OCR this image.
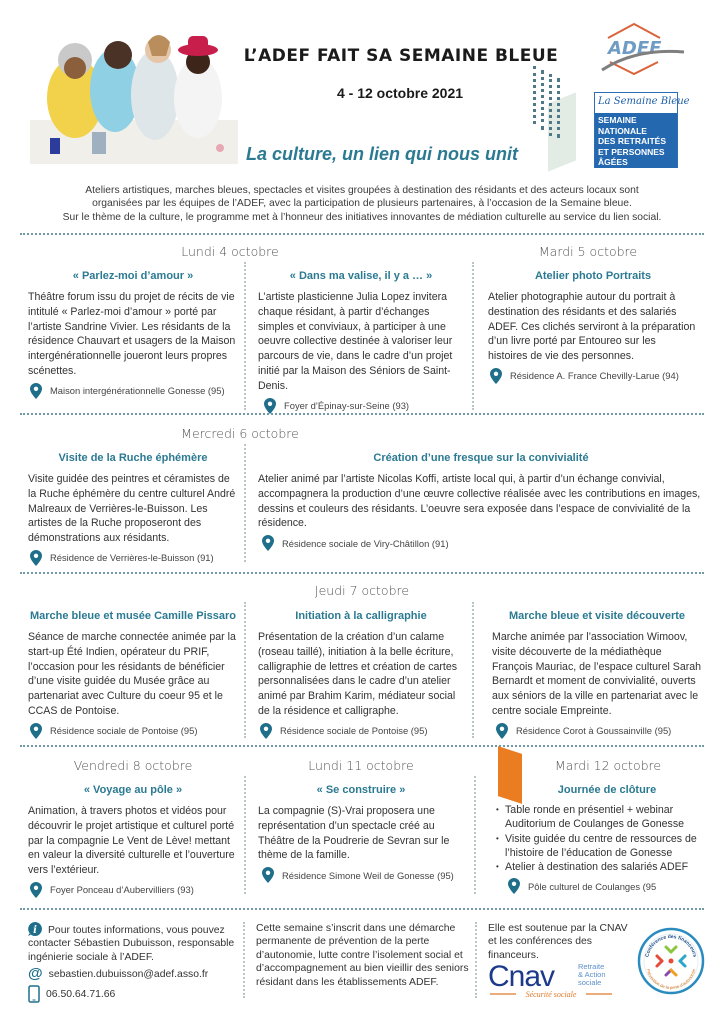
L’ADEF FAIT SA SEMAINE BLEUE
4 - 12 octobre 2021
La culture, un lien qui nous unit
ADEF
La Semaine Bleue
SEMAINE
NATIONALE
DES RETRAITÉS
ET PERSONNES
ÂGÉES
Ateliers artistiques, marches bleues, spectacles et visites groupées à destination des résidants et des acteurs locaux sont
organisées par les équipes de l’ADEF, avec la participation de plusieurs partenaires, à l’occasion de la Semaine bleue.
Sur le thème de la culture, le programme met à l’honneur des initiatives innovantes de médiation culturelle au service du lien social.
Lundi 4 octobre	Mardi 5 octobre
« Parlez-moi d’amour »
Théâtre forum issu du projet de récits de vie intitulé « Parlez-moi d’amour » porté par l’artiste Sandrine Vivier. Les résidants de la résidence Chauvart et usagers de la Maison intergénérationnelle joueront leurs propres scénettes.
Maison intergénérationnelle Gonesse (95)
« Dans ma valise, il y a … »
L’artiste plasticienne Julia Lopez invitera chaque résidant, à partir d’échanges simples et conviviaux, à participer à une oeuvre collective destinée à valoriser leur parcours de vie, dans le cadre d’un projet initié par la Maison des Séniors de Saint-Denis.
Foyer d’Épinay-sur-Seine (93)
Atelier photo Portraits
Atelier photographie autour du portrait à destination des résidants et des salariés ADEF. Ces clichés serviront à la préparation d’un livre porté par Entoureo sur les histoires de vie des personnes.
Résidence A. France Chevilly-Larue (94)
Mercredi 6 octobre
Visite de la Ruche éphémère
Visite guidée des peintres et céramistes de la Ruche éphémère du centre culturel André Malreaux de Verrières-le-Buisson. Les artistes de la Ruche proposeront des démonstrations aux résidants.
Résidence de Verrières-le-Buisson (91)
Création d’une fresque sur la convivialité
Atelier animé par l’artiste Nicolas Koffi, artiste local qui, à partir d’un échange convivial, accompagnera la production d’une œuvre collective réalisée avec les contributions en images, dessins et couleurs des résidants. L’oeuvre sera exposée dans l’espace de convivialité de la résidence.
Résidence sociale de Viry-Châtillon (91)
Jeudi 7 octobre
Marche bleue et musée Camille Pissaro
Séance de marche connectée animée par la start-up Été Indien, opérateur du PRIF, l’occasion pour les résidants de bénéficier d’une visite guidée du Musée grâce au partenariat avec Culture du coeur 95 et le CCAS de Pontoise.
Résidence sociale de Pontoise (95)
Initiation à la calligraphie
Présentation de la création d’un calame (roseau taillé), initiation à la belle écriture, calligraphie de lettres et création de cartes personnalisées dans le cadre d’un atelier animé par Brahim Karim, médiateur social de la résidence et calligraphe.
Résidence sociale de Pontoise (95)
Marche bleue et visite découverte
Marche animée par l’association Wimoov, visite découverte de la médiathèque François Mauriac, de l’espace culturel Sarah Bernardt et moment de convivialité, ouverts aux séniors de la ville en partenariat avec le centre sociale Empreinte.
Résidence Corot à Goussainville (95)
Vendredi 8 octobre	Lundi 11 octobre	Mardi 12 octobre
« Voyage au pôle »
Animation, à travers photos et vidéos pour découvrir le projet artistique et culturel porté par la compagnie Le Vent de Lève! mettant en valeur la diversité culturelle et l’ouverture vers l’extérieur.
Foyer Ponceau d’Aubervilliers (93)
« Se construire »
La compagnie (S)-Vrai proposera une représentation d’un spectacle créé au Théâtre de la Poudrerie de Sevran sur le thème de la famille.
Résidence Simone Weil de Gonesse (95)
Journée de clôture
• Table ronde en présentiel + webinar Auditorium de Coulanges de Gonesse
• Visite guidée du centre de ressources de l’histoire de l’éducation de Gonesse
• Atelier à destination des salariés ADEF
Pôle culturel de Coulanges (95
i Pour toutes informations, vous pouvez contacter Sébastien Dubuisson, responsable ingénierie sociale à l’ADEF.
@ sebastien.dubuisson@adef.asso.fr
06.50.64.71.66
Cette semaine s’inscrit dans une démarche permanente de prévention de la perte d’autonomie, lutte contre l’isolement social et d’accompagnement au bien vieillir des seniors résidant dans les établissements ADEF.
Elle est soutenue par la CNAV et les conférences des financeurs.
Cnav	Retraite
& Action
sociale
Sécurité sociale
Conférence des financeurs
Prévention de la perte d’autonomie
